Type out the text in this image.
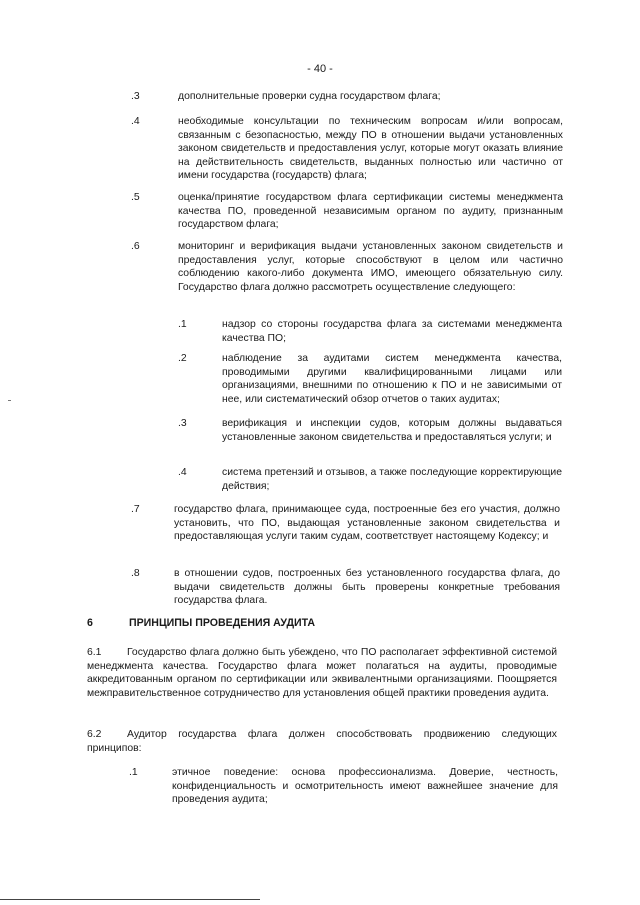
- 40 -
.3	дополнительные проверки судна государством флага;
.4	необходимые консультации по техническим вопросам и/или вопросам, связанным с безопасностью, между ПО в отношении выдачи установленных законом свидетельств и предоставления услуг, которые могут оказать влияние на действительность свидетельств, выданных полностью или частично от имени государства (государств) флага;
.5	оценка/принятие государством флага сертификации системы менеджмента качества ПО, проведенной независимым органом по аудиту, признанным государством флага;
.6	мониторинг и верификация выдачи установленных законом свидетельств и предоставления услуг, которые способствуют в целом или частично соблюдению какого-либо документа ИМО, имеющего обязательную силу. Государство флага должно рассмотреть осуществление следующего:
.1	надзор со стороны государства флага за системами менеджмента качества ПО;
.2	наблюдение за аудитами систем менеджмента качества, проводимыми другими квалифицированными лицами или организациями, внешними по отношению к ПО и не зависимыми от нее, или систематический обзор отчетов о таких аудитах;
.3	верификация и инспекции судов, которым должны выдаваться установленные законом свидетельства и предоставляться услуги; и
.4	система претензий и отзывов, а также последующие корректирующие действия;
.7	государство флага, принимающее суда, построенные без его участия, должно установить, что ПО, выдающая установленные законом свидетельства и предоставляющая услуги таким судам, соответствует настоящему Кодексу; и
.8	в отношении судов, построенных без установленного государства флага, до выдачи свидетельств должны быть проверены конкретные требования государства флага.
6	ПРИНЦИПЫ ПРОВЕДЕНИЯ АУДИТА
6.1 Государство флага должно быть убеждено, что ПО располагает эффективной системой менеджмента качества. Государство флага может полагаться на аудиты, проводимые аккредитованным органом по сертификации или эквивалентными организациями. Поощряется межправительственное сотрудничество для установления общей практики проведения аудита.
6.2 Аудитор государства флага должен способствовать продвижению следующих принципов:
.1	этичное поведение: основа профессионализма. Доверие, честность, конфиденциальность и осмотрительность имеют важнейшее значение для проведения аудита;
